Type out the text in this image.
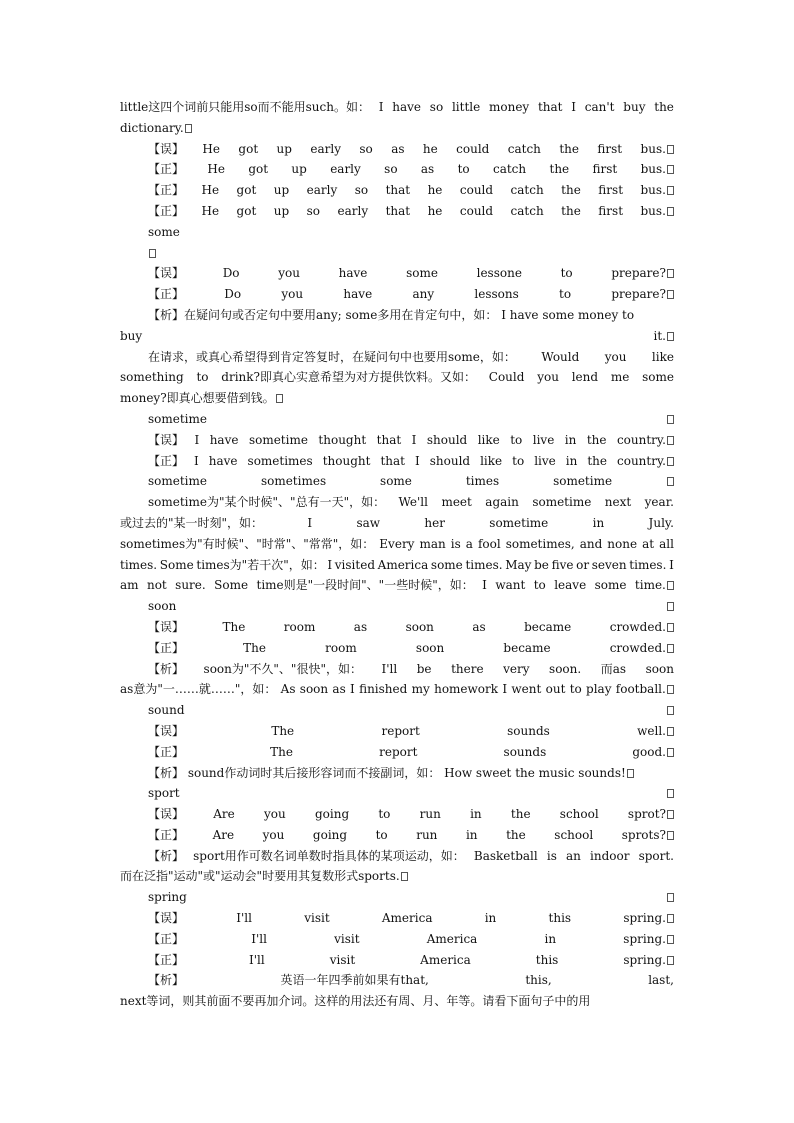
little这四个词前只能用so而不能用such。如： I have so little money that I can't buy the
dictionary.
【误】 He got up early so as he could catch the first bus.
【正】 He got up early so as to catch the first bus.
【正】 He got up early so that he could catch the first bus.
【正】 He got up so early that he could catch the first bus.
some
【误】	Do	you	have	some	lessone	to	prepare?
【正】	Do	you	have	any	lessons	to	prepare?
【析】在疑问句或否定句中要用any; some多用在肯定句中，如： I have some money to
buy	it.
在请求，或真心希望得到肯定答复时，在疑问句中也要用some，如： Would you like
something to drink?即真心实意希望为对方提供饮料。又如： Could you lend me some
money?即真心想要借到钱。
sometime
【误】 I have sometime thought that I should like to live in the country.
【正】 I have sometimes thought that I should like to live in the country.
sometime	sometimes	some	times	sometime
sometime为"某个时候"、"总有一天"，如： We'll meet again sometime next year.
或过去的"某一时刻"，如：	I	saw	her	sometime	in	July.
sometimes为"有时候"、"时常"、"常常"，如： Every man is a fool sometimes, and none at all
times. Some times为"若干次"，如： I visited America some times. May be five or seven times. I
am not sure. Some time则是"一段时间"、"一些时候"，如： I want to leave some time.
soon
【误】	The	room	as	soon	as	became	crowded.
【正】	The	room	soon	became	crowded.
【析】 soon为"不久"、"很快"，如： I'll be there very soon. 而as soon
as意为"一……就……"，如： As soon as I finished my homework I went out to play football.
sound
【误】	The	report	sounds	well.
【正】	The	report	sounds	good.
【析】 sound作动词时其后接形容词而不接副词，如： How sweet the music sounds!
sport
【误】 Are you going to run in the school sprot?
【正】 Are you going to run in the school sprots?
【析】 sport用作可数名词单数时指具体的某项运动，如： Basketball is an indoor sport.
而在泛指"运动"或"运动会"时要用其复数形式sports.
spring
【误】	I'll	visit	America	in	this	spring.
【正】	I'll	visit	America	in	spring.
【正】	I'll	visit	America	this	spring.
【析】	英语一年四季前如果有that,	this,	last,
next等词，则其前面不要再加介词。这样的用法还有周、月、年等。请看下面句子中的用
